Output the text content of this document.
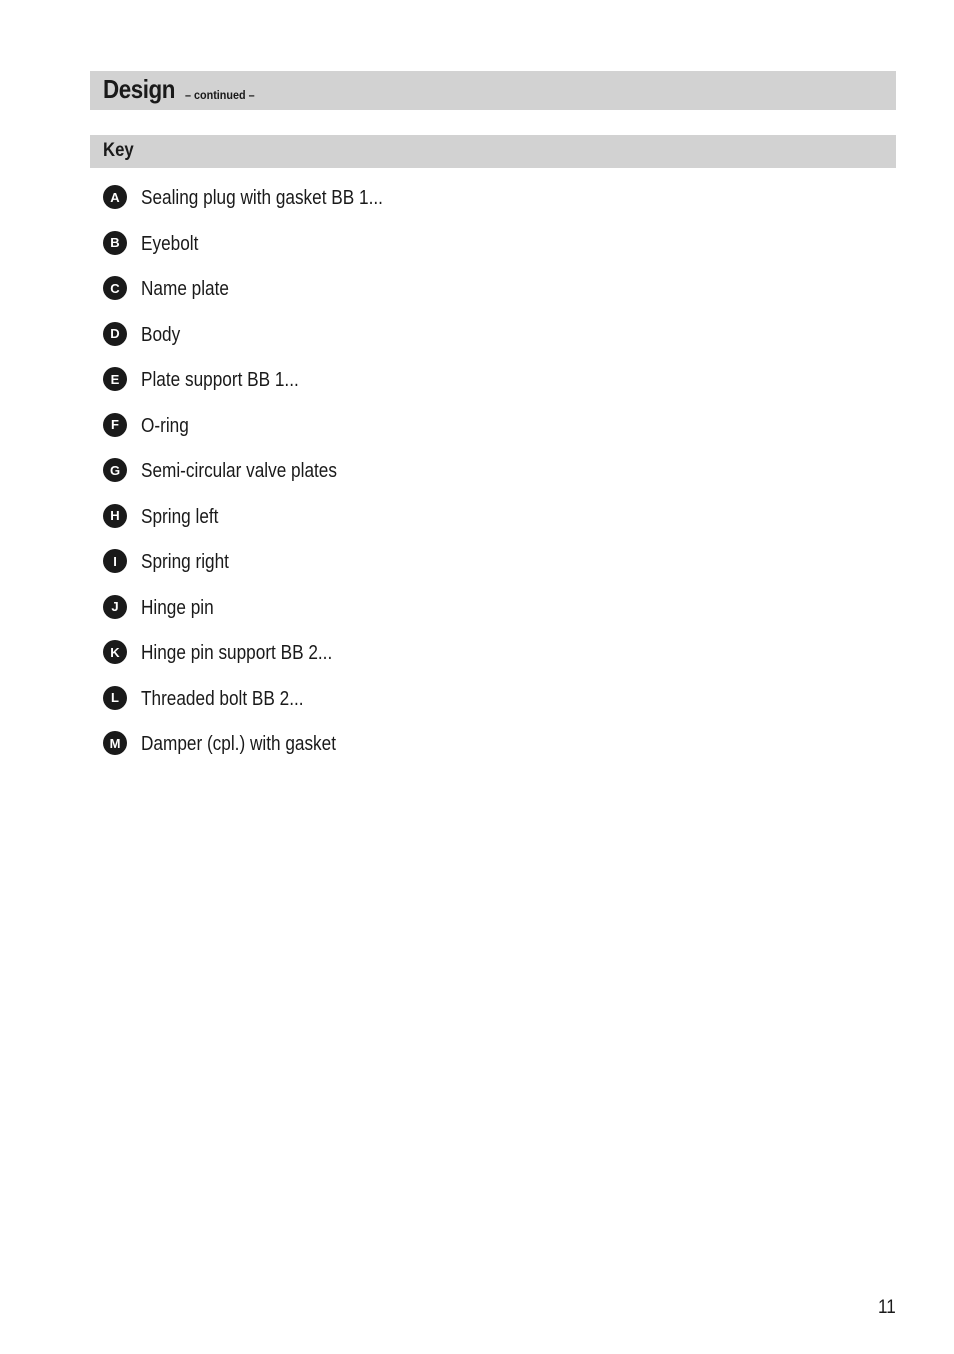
Design – continued –
Key
A	Sealing plug with gasket BB 1...
B	Eyebolt
C	Name plate
D	Body
E	Plate support BB 1...
F	O-ring
G	Semi-circular valve plates
H	Spring left
I	Spring right
J	Hinge pin
K	Hinge pin support BB 2...
L	Threaded bolt BB 2...
M	Damper (cpl.) with gasket
11
